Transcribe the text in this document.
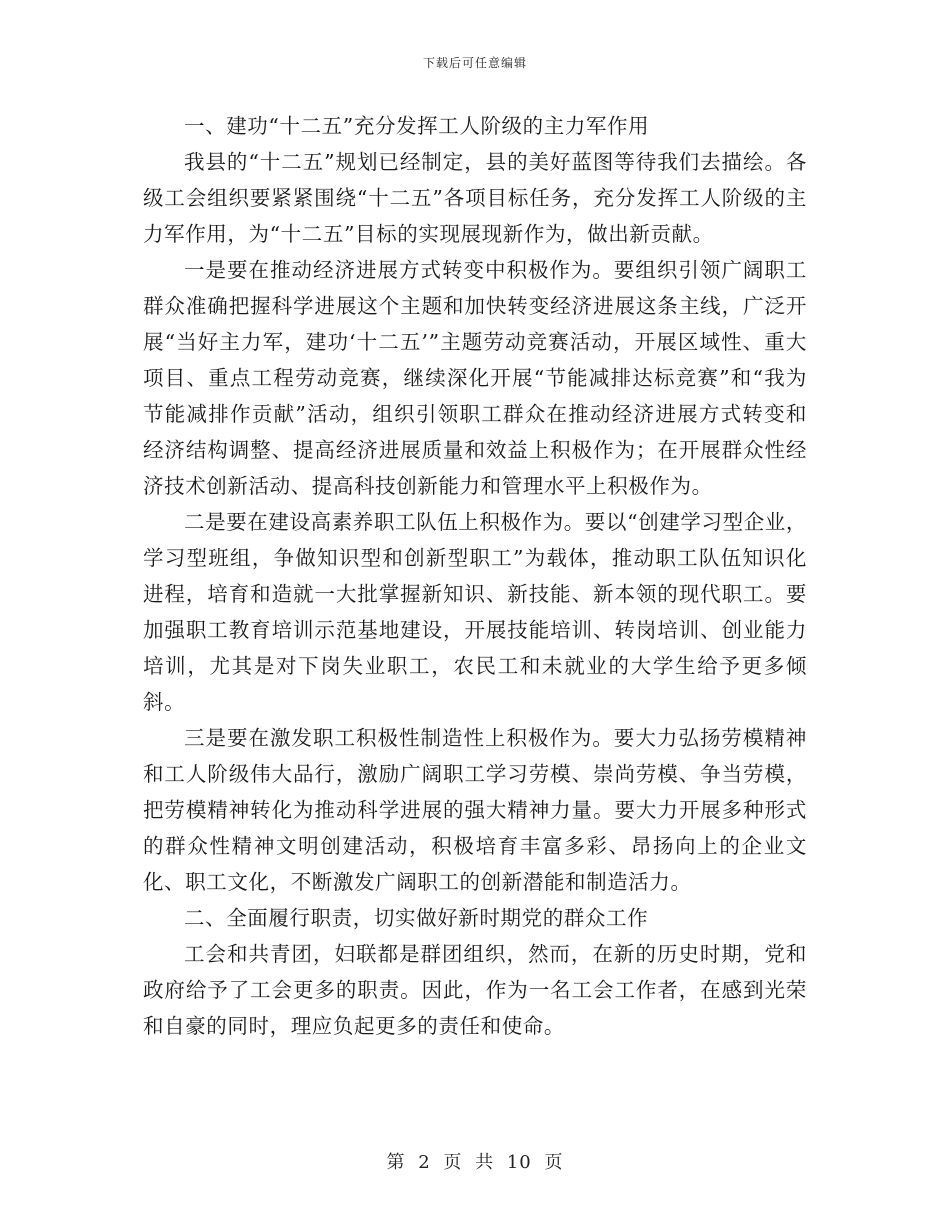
下载后可任意编辑

一、建功“十二五”充分发挥工人阶级的主力军作用

我县的“十二五”规划已经制定，县的美好蓝图等待我们去描绘。各级工会组织要紧紧围绕“十二五”各项目标任务，充分发挥工人阶级的主力军作用，为“十二五”目标的实现展现新作为，做出新贡献。

一是要在推动经济进展方式转变中积极作为。要组织引领广阔职工群众准确把握科学进展这个主题和加快转变经济进展这条主线，广泛开展“当好主力军，建功‘十二五’”主题劳动竞赛活动，开展区域性、重大项目、重点工程劳动竞赛，继续深化开展“节能减排达标竞赛”和“我为节能减排作贡献”活动，组织引领职工群众在推动经济进展方式转变和经济结构调整、提高经济进展质量和效益上积极作为；在开展群众性经济技术创新活动、提高科技创新能力和管理水平上积极作为。

二是要在建设高素养职工队伍上积极作为。要以“创建学习型企业，学习型班组，争做知识型和创新型职工”为载体，推动职工队伍知识化进程，培育和造就一大批掌握新知识、新技能、新本领的现代职工。要加强职工教育培训示范基地建设，开展技能培训、转岗培训、创业能力培训，尤其是对下岗失业职工，农民工和未就业的大学生给予更多倾斜。

三是要在激发职工积极性制造性上积极作为。要大力弘扬劳模精神和工人阶级伟大品行，激励广阔职工学习劳模、崇尚劳模、争当劳模，把劳模精神转化为推动科学进展的强大精神力量。要大力开展多种形式的群众性精神文明创建活动，积极培育丰富多彩、昂扬向上的企业文化、职工文化，不断激发广阔职工的创新潜能和制造活力。

二、全面履行职责，切实做好新时期党的群众工作

工会和共青团，妇联都是群团组织，然而，在新的历史时期，党和政府给予了工会更多的职责。因此，作为一名工会工作者，在感到光荣和自豪的同时，理应负起更多的责任和使命。

第 2 页 共 10 页
